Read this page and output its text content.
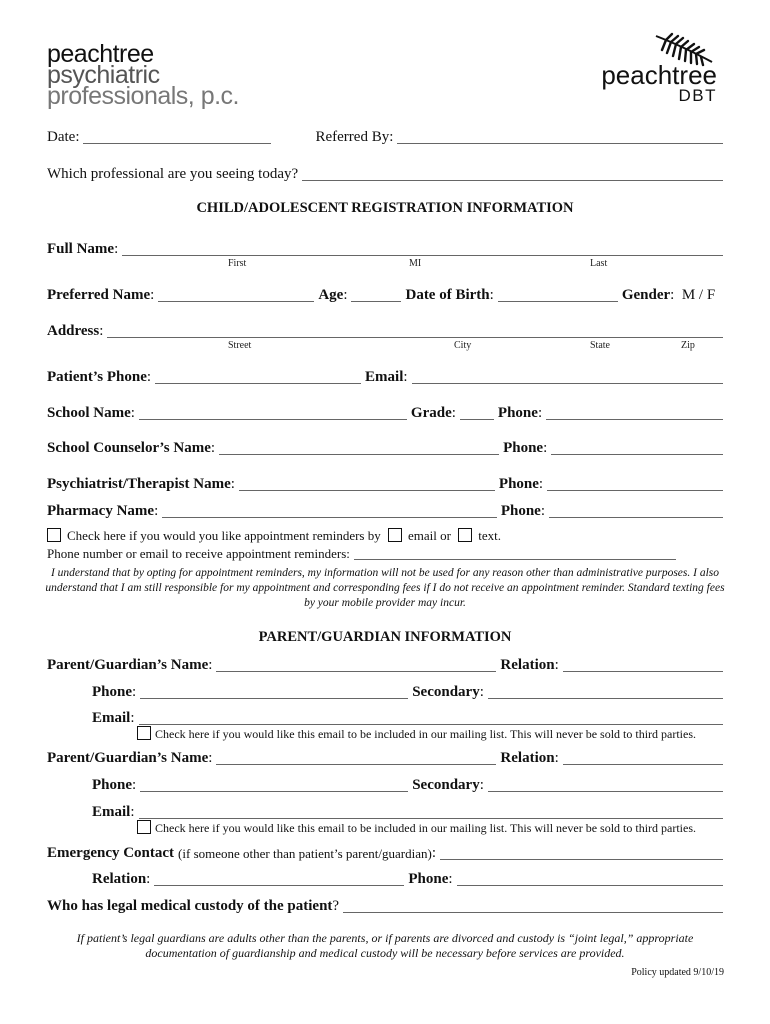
peachtree
psychiatric
professionals, p.c.
peachtree
DBT
Date:	Referred By:
Which professional are you seeing today?
CHILD/ADOLESCENT REGISTRATION INFORMATION
Full Name :
First	MI	Last
Preferred Name :	Age :	Date of Birth :	Gender : M / F
Address :
Street	City	State	Zip
Patient’s Phone :	Email :
School Name :	Grade :	Phone :
School Counselor’s Name :	Phone :
Psychiatrist/Therapist Name :	Phone :
Pharmacy Name :	Phone :
Check here if you would you like appointment reminders by email or text.
Phone number or email to receive appointment reminders:
I understand that by opting for appointment reminders, my information will not be used for any reason other than administrative purposes. I also understand that I am still responsible for my appointment and corresponding fees if I do not receive an appointment reminder. Standard texting fees by your mobile provider may incur.
PARENT/GUARDIAN INFORMATION
Parent/Guardian’s Name :	Relation :
Phone :	Secondary :
Email :
Check here if you would like this email to be included in our mailing list. This will never be sold to third parties.
Parent/Guardian’s Name :	Relation :
Phone :	Secondary :
Email :
Check here if you would like this email to be included in our mailing list. This will never be sold to third parties.
Emergency Contact (if someone other than patient’s parent/guardian) :
Relation :	Phone :
Who has legal medical custody of the patient ?
If patient’s legal guardians are adults other than the parents, or if parents are divorced and custody is “joint legal,” appropriate documentation of guardianship and medical custody will be necessary before services are provided.
Policy updated 9/10/19
